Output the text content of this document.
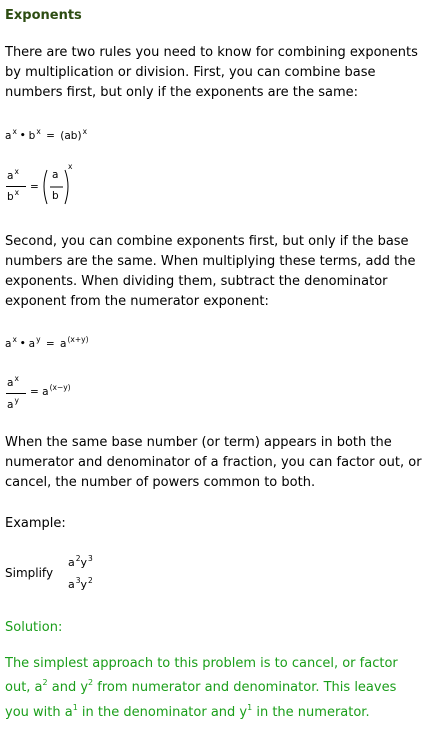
Exponents

There are two rules you need to know for combining exponents
by multiplication or division. First, you can combine base
numbers first, but only if the exponents are the same:

$a^x$ • $b^x = (ab)^x$
$a^x$
$b^x$ =
a
b
x

Second, you can combine exponents first, but only if the base
numbers are the same. When multiplying these terms, add the
exponents. When dividing them, subtract the denominator
exponent from the numerator exponent:

$a^x$ • $a^y = a^{(x+y)}$
$a^x$
$a^y$
= $a^{(x-y)}$

When the same base number (or term) appears in both the
numerator and denominator of a fraction, you can factor out, or
cancel, the number of powers common to both.

Example:

Simplify
$a^2y^3$
$a^3y^2$

Solution:

The simplest approach to this problem is to cancel, or factor
out, $a^2$ and $y^2$ from numerator and denominator. This leaves
you with $a^1$ in the denominator and $y^1$ in the numerator.
